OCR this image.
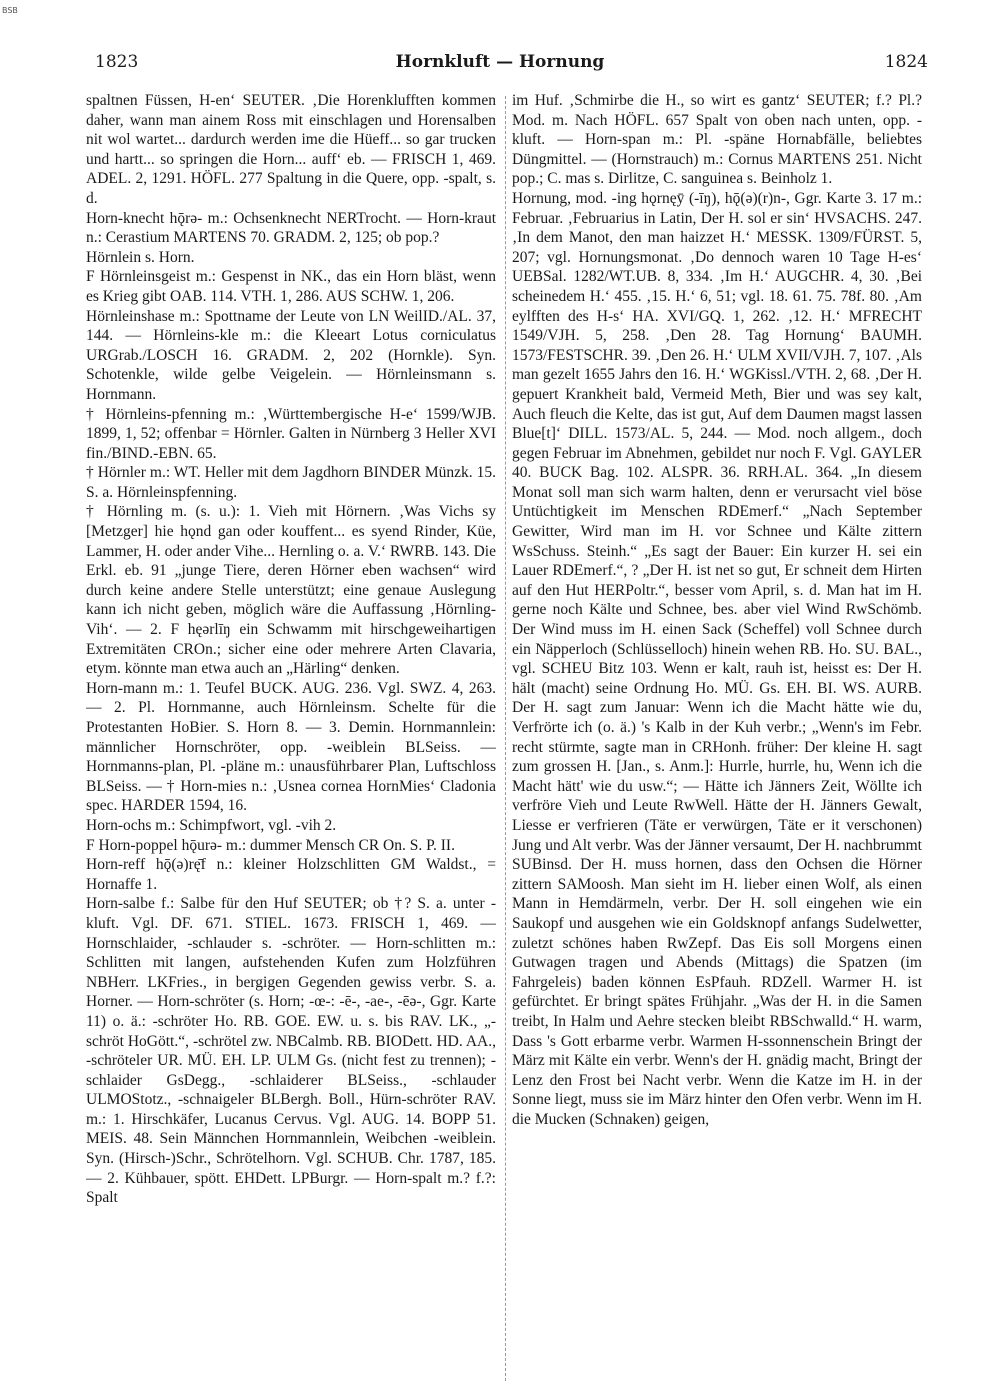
BSB
1823	Hornkluft — Hornung	1824

spaltnen Füssen, H-en‘ SEUTER. ‚Die Horenklufften kommen daher, wann man ainem Ross mit einschlagen und Horensalben nit wol wartet... dardurch werden ime die Hüeff... so gar trucken und hartt... so springen die Horn... auff‘ eb. — FRISCH 1, 469. ADEL. 2, 1291. HÖFL. 277 Spaltung in die Quere, opp. -spalt, s. d.

Horn-knecht hǭrə- m.: Ochsenknecht NERTrocht. — Horn-kraut n.: Cerastium MARTENS 70. GRADM. 2, 125; ob pop.?

Hörnlein s. Horn.

F Hörnleinsgeist m.: Gespenst in NK., das ein Horn bläst, wenn es Krieg gibt OAB. 114. VTH. 1, 286. AUS SCHW. 1, 206.

Hörnleinshase m.: Spottname der Leute von LN WeilID./AL. 37, 144. — Hörnleins-kle m.: die Kleeart Lotus corniculatus URGrab./LOSCH 16. GRADM. 2, 202 (Hornkle). Syn. Schotenkle, wilde gelbe Veigelein. — Hörnleinsmann s. Hornmann.

† Hörnleins-pfenning m.: ‚Württembergische H-e‘ 1599/WJB. 1899, 1, 52; offenbar = Hörnler. Galten in Nürnberg 3 Heller XVI fin./BIND.-EBN. 65.

† Hörnler m.: WT. Heller mit dem Jagdhorn BINDER Münzk. 15. S. a. Hörnleinspfenning.

† Hörnling m. (s. u.): 1. Vieh mit Hörnern. ‚Was Vichs sy [Metzger] hie hǫnd gan oder kouffent... es syend Rinder, Küe, Lammer, H. oder ander Vihe... Hernling o. a. V.‘ RWRB. 143. Die Erkl. eb. 91 „junge Tiere, deren Hörner eben wachsen“ wird durch keine andere Stelle unterstützt; eine genaue Auslegung kann ich nicht geben, möglich wäre die Auffassung ‚Hörnling-Vih‘. — 2. F hęərlīŋ ein Schwamm mit hirschgeweihartigen Extremitäten CROn.; sicher eine oder mehrere Arten Clavaria, etym. könnte man etwa auch an „Härling“ denken.

Horn-mann m.: 1. Teufel BUCK. AUG. 236. Vgl. SWZ. 4, 263. — 2. Pl. Hornmanne, auch Hörnleinsm. Schelte für die Protestanten HoBier. S. Horn 8. — 3. Demin. Hornmannlein: männlicher Hornschröter, opp. -weiblein BLSeiss. — Hornmanns-plan, Pl. -pläne m.: unausführbarer Plan, Luftschloss BLSeiss. — † Horn-mies n.: ‚Usnea cornea HornMies‘ Cladonia spec. HARDER 1594, 16.

Horn-ochs m.: Schimpfwort, vgl. -vih 2.

F Horn-poppel hǭurə- m.: dummer Mensch CR On. S. P. II.

Horn-reff hǭ(ə)rę̄f n.: kleiner Holzschlitten GM Waldst., = Hornaffe 1.

Horn-salbe f.: Salbe für den Huf SEUTER; ob †? S. a. unter -kluft. Vgl. DF. 671. STIEL. 1673. FRISCH 1, 469. — Hornschlaider, -schlauder s. -schröter. — Horn-schlitten m.: Schlitten mit langen, aufstehenden Kufen zum Holzführen NBHerr. LKFries., in bergigen Gegenden gewiss verbr. S. a. Horner. — Horn-schröter (s. Horn; -œ-: -ē-, -ae-, -ēə-, Ggr. Karte 11) o. ä.: -schröter Ho. RB. GOE. EW. u. s. bis RAV. LK., „-schröt HoGött.“, -schrötel zw. NBCalmb. RB. BIODett. HD. AA., -schröteler UR. MÜ. EH. LP. ULM Gs. (nicht fest zu trennen); -schlaider GsDegg., -schlaiderer BLSeiss., -schlauder ULMOStotz., -schnaigeler BLBergh. Boll., Hürn-schröter RAV. m.: 1. Hirschkäfer, Lucanus Cervus. Vgl. AUG. 14. BOPP 51. MEIS. 48. Sein Männchen Hornmannlein, Weibchen -weiblein. Syn. (Hirsch-)Schr., Schrötelhorn. Vgl. SCHUB. Chr. 1787, 185. — 2. Kühbauer, spött. EHDett. LPBurgr. — Horn-spalt m.? f.?: Spalt

im Huf. ‚Schmirbe die H., so wirt es gantz‘ SEUTER; f.? Pl.? Mod. m. Nach HÖFL. 657 Spalt von oben nach unten, opp. -kluft. — Horn-span m.: Pl. -späne Hornabfälle, beliebtes Düngmittel. — (Hornstrauch) m.: Cornus MARTENS 251. Nicht pop.; C. mas s. Dirlitze, C. sanguinea s. Beinholz 1.

Hornung, mod. -ing hǫrnęȳ (-īŋ), hǭ(ə)(r)n-, Ggr. Karte 3. 17 m.: Februar. ‚Februarius in Latin, Der H. sol er sin‘ HVSACHS. 247. ‚In dem Manot, den man haizzet H.‘ MESSK. 1309/FÜRST. 5, 207; vgl. Hornungsmonat. ‚Do dennoch waren 10 Tage H-es‘ UEBSal. 1282/WT.UB. 8, 334. ‚Im H.‘ AUGCHR. 4, 30. ‚Bei scheinedem H.‘ 455. ‚15. H.‘ 6, 51; vgl. 18. 61. 75. 78f. 80. ‚Am eylfften des H-s‘ HA. XVI/GQ. 1, 262. ‚12. H.‘ MFRECHT 1549/VJH. 5, 258. ‚Den 28. Tag Hornung‘ BAUMH. 1573/FESTSCHR. 39. ‚Den 26. H.‘ ULM XVII/VJH. 7, 107. ‚Als man gezelt 1655 Jahrs den 16. H.‘ WGKissl./VTH. 2, 68. ‚Der H. gepuert Krankheit bald, Vermeid Meth, Bier und was sey kalt, Auch fleuch die Kelte, das ist gut, Auf dem Daumen magst lassen Blue[t]‘ DILL. 1573/AL. 5, 244. — Mod. noch allgem., doch gegen Februar im Abnehmen, gebildet nur noch F. Vgl. GAYLER 40. BUCK Bag. 102. ALSPR. 36. RRH.AL. 364. „In diesem Monat soll man sich warm halten, denn er verursacht viel böse Untüchtigkeit im Menschen RDEmerf.“ „Nach September Gewitter, Wird man im H. vor Schnee und Kälte zittern WsSchuss. Steinh.“ „Es sagt der Bauer: Ein kurzer H. sei ein Lauer RDEmerf.“, ? „Der H. ist net so gut, Er schneit dem Hirten auf den Hut HERPoltr.“, besser vom April, s. d. Man hat im H. gerne noch Kälte und Schnee, bes. aber viel Wind RwSchömb. Der Wind muss im H. einen Sack (Scheffel) voll Schnee durch ein Näpperloch (Schlüsselloch) hinein wehen RB. Ho. SU. BAL., vgl. SCHEU Bitz 103. Wenn er kalt, rauh ist, heisst es: Der H. hält (macht) seine Ordnung Ho. MÜ. Gs. EH. BI. WS. AURB. Der H. sagt zum Januar: Wenn ich die Macht hätte wie du, Verfrörte ich (o. ä.) 's Kalb in der Kuh verbr.; „Wenn's im Febr. recht stürmte, sagte man in CRHonh. früher: Der kleine H. sagt zum grossen H. [Jan., s. Anm.]: Hurrle, hurrle, hu, Wenn ich die Macht hätt' wie du usw.“; — Hätte ich Jänners Zeit, Wöllte ich verfröre Vieh und Leute RwWell. Hätte der H. Jänners Gewalt, Liesse er verfrieren (Täte er verwürgen, Täte er it verschonen) Jung und Alt verbr. Was der Jänner versaumt, Der H. nachbrummt SUBinsd. Der H. muss hornen, dass den Ochsen die Hörner zittern SAMoosh. Man sieht im H. lieber einen Wolf, als einen Mann in Hemdärmeln, verbr. Der H. soll eingehen wie ein Saukopf und ausgehen wie ein Goldsknopf anfangs Sudelwetter, zuletzt schönes haben RwZepf. Das Eis soll Morgens einen Gutwagen tragen und Abends (Mittags) die Spatzen (im Fahrgeleis) baden können EsPfauh. RDZell. Warmer H. ist gefürchtet. Er bringt spätes Frühjahr. „Was der H. in die Samen treibt, In Halm und Aehre stecken bleibt RBSchwalld.“ H. warm, Dass 's Gott erbarme verbr. Warmen H-ssonnenschein Bringt der März mit Kälte ein verbr. Wenn's der H. gnädig macht, Bringt der Lenz den Frost bei Nacht verbr. Wenn die Katze im H. in der Sonne liegt, muss sie im März hinter den Ofen verbr. Wenn im H. die Mucken (Schnaken) geigen,
